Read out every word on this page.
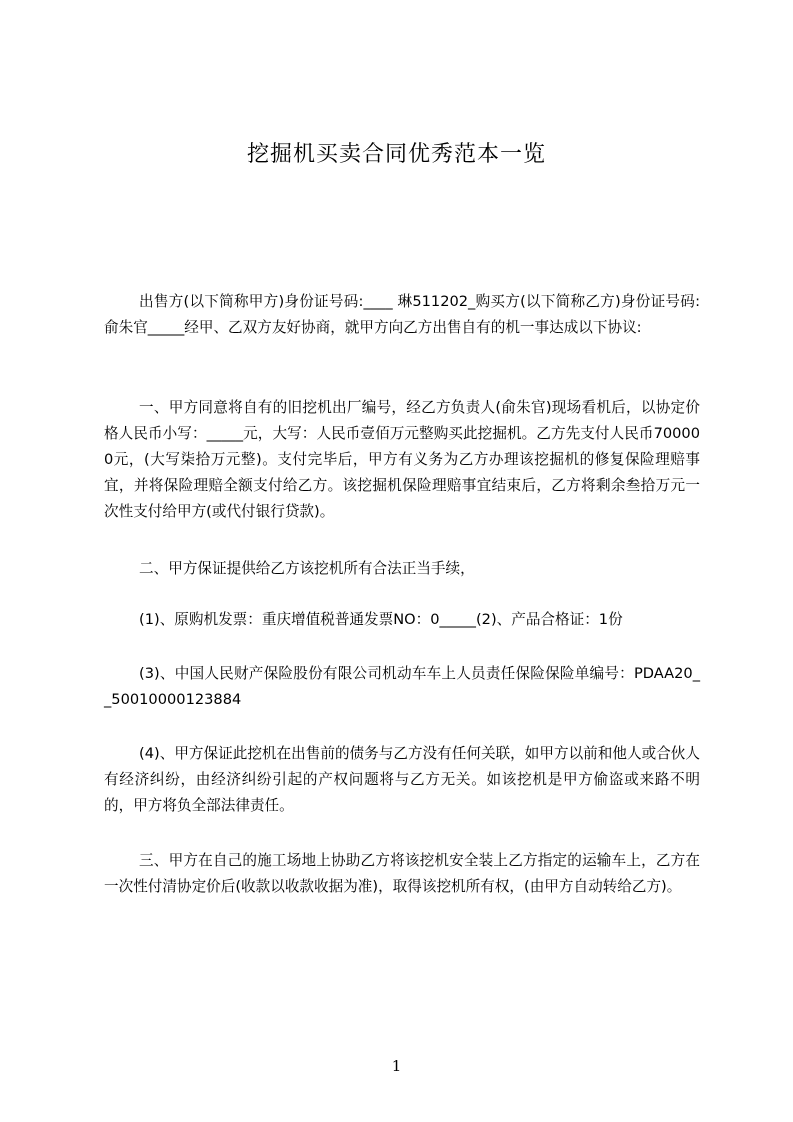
挖掘机买卖合同优秀范本一览

出售方(以下简称甲方)身份证号码:____ 琳511202_购买方(以下简称乙方)身份证号码:俞朱官_____经甲、乙双方友好协商，就甲方向乙方出售自有的机一事达成以下协议:

一、甲方同意将自有的旧挖机出厂编号，经乙方负责人(俞朱官)现场看机后，以协定价格人民币小写：_____元，大写：人民币壹佰万元整购买此挖掘机。乙方先支付人民币700000元，(大写柒拾万元整)。支付完毕后，甲方有义务为乙方办理该挖掘机的修复保险理赔事宜，并将保险理赔全额支付给乙方。该挖掘机保险理赔事宜结束后，乙方将剩余叁拾万元一次性支付给甲方(或代付银行贷款)。

二、甲方保证提供给乙方该挖机所有合法正当手续，

(1)、原购机发票：重庆增值税普通发票NO：0_____(2)、产品合格证：1份

(3)、中国人民财产保险股份有限公司机动车车上人员责任保险保险单编号：PDAA20__50010000123884

(4)、甲方保证此挖机在出售前的债务与乙方没有任何关联，如甲方以前和他人或合伙人有经济纠纷，由经济纠纷引起的产权问题将与乙方无关。如该挖机是甲方偷盗或来路不明的，甲方将负全部法律责任。

三、甲方在自己的施工场地上协助乙方将该挖机安全装上乙方指定的运输车上，乙方在一次性付清协定价后(收款以收款收据为准)，取得该挖机所有权，(由甲方自动转给乙方)。

1
